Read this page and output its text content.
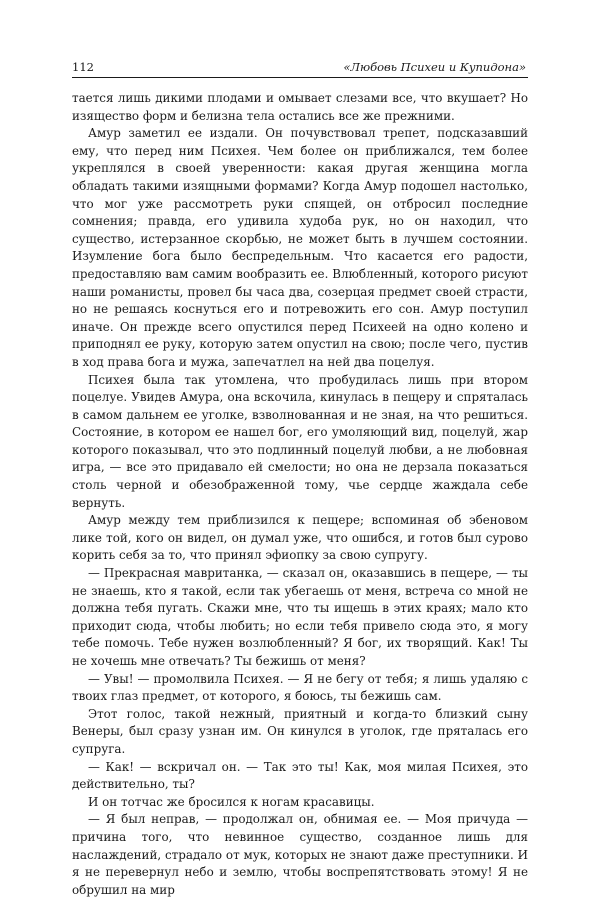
112	«Любовь Психеи и Купидона»

тается лишь дикими плодами и омывает слезами все, что вкушает? Но изящество форм и белизна тела остались все же прежними.

Амур заметил ее издали. Он почувствовал трепет, подсказавший ему, что перед ним Психея. Чем более он приближался, тем более укреплялся в своей уверенности: какая другая женщина могла обладать такими изящными формами? Когда Амур подошел настолько, что мог уже рассмотреть руки спящей, он отбросил последние сомнения; правда, его удивила худоба рук, но он находил, что существо, истерзанное скорбью, не может быть в лучшем состоянии. Изумление бога было беспредельным. Что касается его радости, предоставляю вам самим вообразить ее. Влюбленный, которого рисуют наши романисты, провел бы часа два, созерцая предмет своей страсти, но не решаясь коснуться его и потревожить его сон. Амур поступил иначе. Он прежде всего опустился перед Психеей на одно колено и приподнял ее руку, которую затем опустил на свою; после чего, пустив в ход права бога и мужа, запечатлел на ней два поцелуя.

Психея была так утомлена, что пробудилась лишь при втором поцелуе. Увидев Амура, она вскочила, кинулась в пещеру и спряталась в самом дальнем ее уголке, взволнованная и не зная, на что решиться. Состояние, в котором ее нашел бог, его умоляющий вид, поцелуй, жар которого показывал, что это подлинный поцелуй любви, а не любовная игра, — все это придавало ей смелости; но она не дерзала показаться столь черной и обезображенной тому, чье сердце жаждала себе вернуть.

Амур между тем приблизился к пещере; вспоминая об эбеновом лике той, кого он видел, он думал уже, что ошибся, и готов был сурово корить себя за то, что принял эфиопку за свою супругу.

— Прекрасная мавританка, — сказал он, оказавшись в пещере, — ты не знаешь, кто я такой, если так убегаешь от меня, встреча со мной не должна тебя пугать. Скажи мне, что ты ищешь в этих краях; мало кто приходит сюда, чтобы любить; но если тебя привело сюда это, я могу тебе помочь. Тебе нужен возлюбленный? Я бог, их творящий. Как! Ты не хочешь мне отвечать? Ты бежишь от меня?

— Увы! — промолвила Психея. — Я не бегу от тебя; я лишь удаляю с твоих глаз предмет, от которого, я боюсь, ты бежишь сам.

Этот голос, такой нежный, приятный и когда-то близкий сыну Венеры, был сразу узнан им. Он кинулся в уголок, где пряталась его супруга.

— Как! — вскричал он. — Так это ты! Как, моя милая Психея, это действительно, ты?

И он тотчас же бросился к ногам красавицы.

— Я был неправ, — продолжал он, обнимая ее. — Моя причуда — причина того, что невинное существо, созданное лишь для наслаждений, страдало от мук, которых не знают даже преступники. И я не перевернул небо и землю, чтобы воспрепятствовать этому! Я не обрушил на мир
